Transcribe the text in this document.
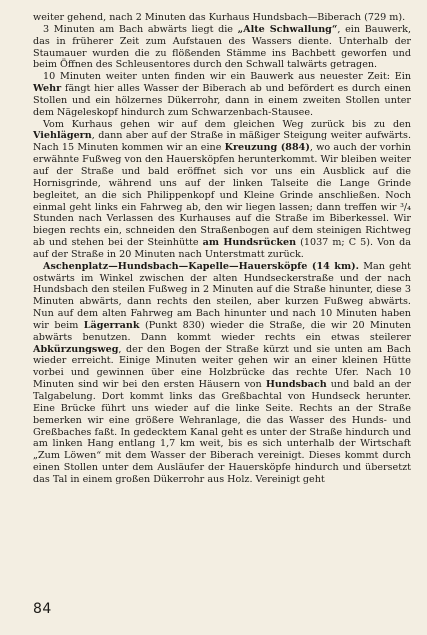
weiter gehend, nach 2 Minuten das Kurhaus Hundsbach—Biberach (729 m).

3 Minuten am Bach abwärts liegt die „Alte Schwallung“, ein Bauwerk, das in früherer Zeit zum Aufstauen des Wassers diente. Unterhalb der Staumauer wurden die zu flößenden Stämme ins Bachbett geworfen und beim Öffnen des Schleusentores durch den Schwall talwärts getragen.

10 Minuten weiter unten finden wir ein Bauwerk aus neuester Zeit: Ein Wehr fängt hier alles Wasser der Biberach ab und befördert es durch einen Stollen und ein hölzernes Dükerrohr, dann in einem zweiten Stollen unter dem Nägeleskopf hindurch zum Schwarzenbach-Stausee.

Vom Kurhaus gehen wir auf dem gleichen Weg zurück bis zu den Viehlägern, dann aber auf der Straße in mäßiger Steigung weiter aufwärts. Nach 15 Minuten kommen wir an eine Kreuzung (884), wo auch der vorhin erwähnte Fußweg von den Hauersköpfen herunterkommt. Wir bleiben weiter auf der Straße und bald eröffnet sich vor uns ein Ausblick auf die Hornisgrinde, während uns auf der linken Talseite die Lange Grinde begleitet, an die sich Philippenkopf und Kleine Grinde anschließen. Noch einmal geht links ein Fahrweg ab, den wir liegen lassen; dann treffen wir ³/₄ Stunden nach Verlassen des Kurhauses auf die Straße im Biberkessel. Wir biegen rechts ein, schneiden den Straßenbogen auf dem steinigen Richtweg ab und stehen bei der Steinhütte am Hundsrücken (1037 m; C 5). Von da auf der Straße in 20 Minuten nach Unterstmatt zurück.

Aschenplatz—Hundsbach—Kapelle—Hauersköpfe (14 km). Man geht ostwärts im Winkel zwischen der alten Hundseckerstraße und der nach Hundsbach den steilen Fußweg in 2 Minuten auf die Straße hinunter, diese 3 Minuten abwärts, dann rechts den steilen, aber kurzen Fußweg abwärts. Nun auf dem alten Fahrweg am Bach hinunter und nach 10 Minuten haben wir beim Lägerrank (Punkt 830) wieder die Straße, die wir 20 Minuten abwärts benutzen. Dann kommt wieder rechts ein etwas steilerer Abkürzungsweg, der den Bogen der Straße kürzt und sie unten am Bach wieder erreicht. Einige Minuten weiter gehen wir an einer kleinen Hütte vorbei und gewinnen über eine Holzbrücke das rechte Ufer. Nach 10 Minuten sind wir bei den ersten Häusern von Hundsbach und bald an der Talgabelung. Dort kommt links das Greßbachtal von Hundseck herunter. Eine Brücke führt uns wieder auf die linke Seite. Rechts an der Straße bemerken wir eine größere Wehranlage, die das Wasser des Hunds- und Greßbaches faßt. In gedecktem Kanal geht es unter der Straße hindurch und am linken Hang entlang 1,7 km weit, bis es sich unterhalb der Wirtschaft „Zum Löwen“ mit dem Wasser der Biberach vereinigt. Dieses kommt durch einen Stollen unter dem Ausläufer der Hauersköpfe hindurch und übersetzt das Tal in einem großen Dükerrohr aus Holz. Vereinigt geht

84
